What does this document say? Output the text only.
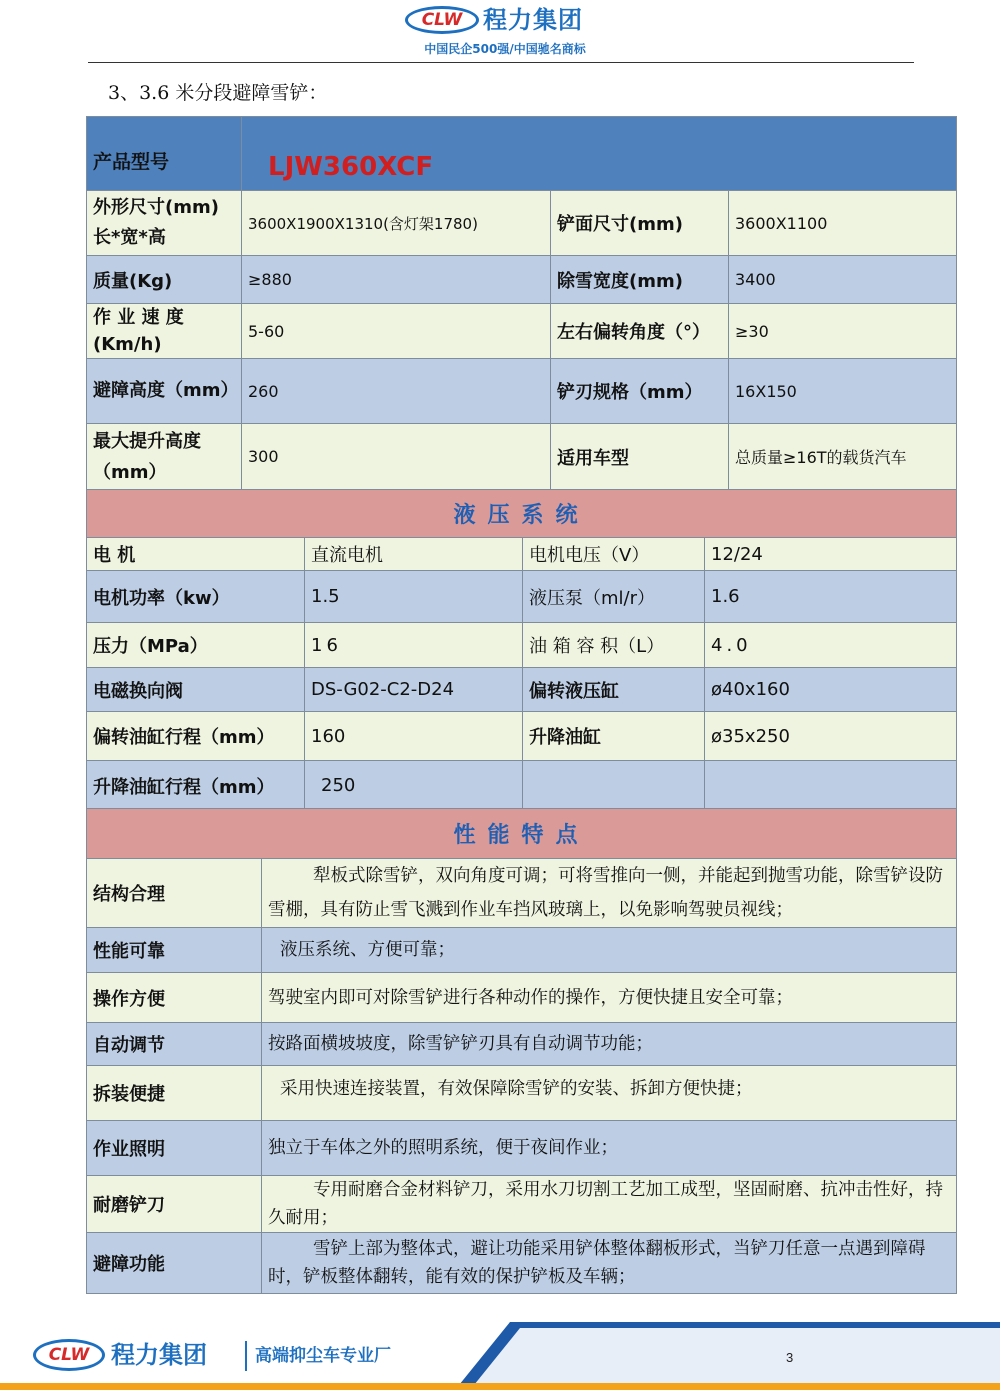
CLW 程力集团
中国民企500强/中国驰名商标
3、3.6 米分段避障雪铲：
产品型号	LJW360XCF		
外形尺寸(mm)长*宽*高	3600X1900X1310(含灯架1780)	铲面尺寸(mm)	3600X1100
质量(Kg)	≥880	除雪宽度(mm)	3400
作 业 速 度 (Km/h)	5-60	左右偏转角度（°）	≥30
避障高度（mm）	260	铲刃规格（mm）	16X150
最大提升高度（mm）	300	适用车型	总质量≥16T的载货汽车
液压系统			
电 机	直流电机	电机电压（V）	12/24
电机功率（kw）	1.5	液压泵（ml/r）	1.6
压力（MPa）	16	油 箱 容 积（L）	4.0
电磁换向阀	DS-G02-C2-D24	偏转液压缸	ø40x160
偏转油缸行程（mm）	160	升降油缸	ø35x250
升降油缸行程（mm）	250		
性能特点	
结构合理	犁板式除雪铲，双向角度可调；可将雪推向一侧，并能起到抛雪功能，除雪铲设防雪棚，具有防止雪飞溅到作业车挡风玻璃上，以免影响驾驶员视线；
性能可靠	液压系统、方便可靠；
操作方便	驾驶室内即可对除雪铲进行各种动作的操作，方便快捷且安全可靠；
自动调节	按路面横坡坡度，除雪铲铲刃具有自动调节功能；
拆装便捷	采用快速连接装置，有效保障除雪铲的安装、拆卸方便快捷；
作业照明	独立于车体之外的照明系统，便于夜间作业；
耐磨铲刀	专用耐磨合金材料铲刀，采用水刀切割工艺加工成型，坚固耐磨、抗冲击性好，持久耐用；
避障功能	雪铲上部为整体式，避让功能采用铲体整体翻板形式，当铲刀任意一点遇到障碍时，铲板整体翻转，能有效的保护铲板及车辆；
CLW 程力集团	高端抑尘车专业厂	3
